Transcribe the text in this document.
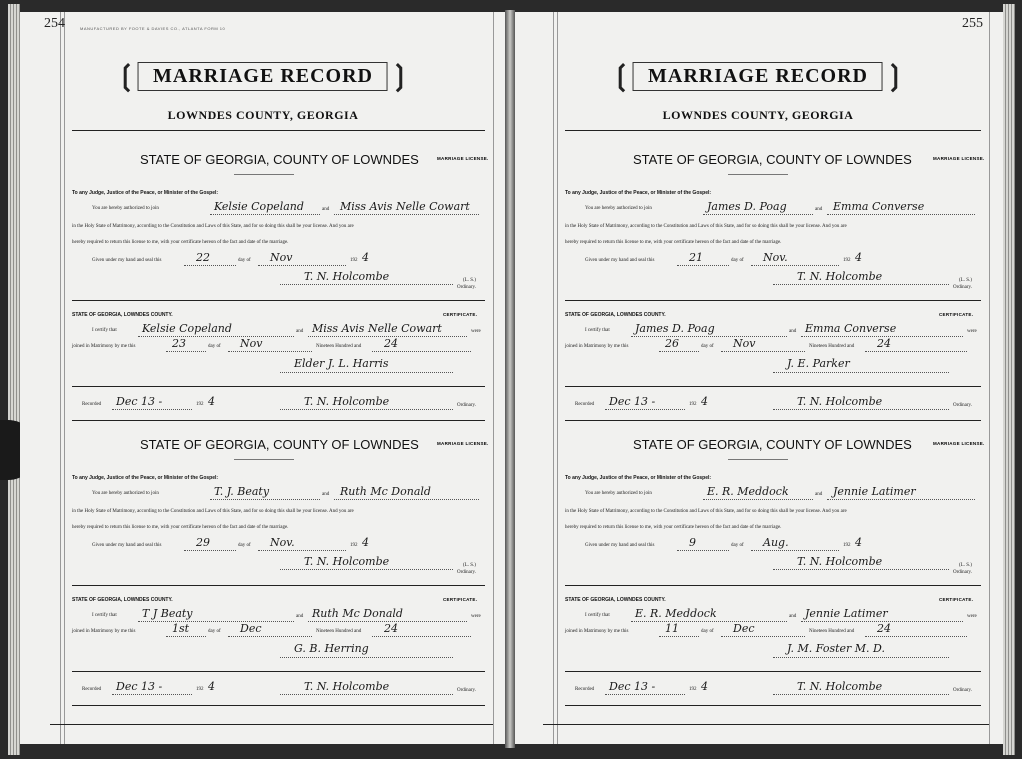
254	MANUFACTURED BY FOOTE & DAVIES CO., ATLANTA FORM 10
❲ MARRIAGE RECORD ❳
LOWNDES COUNTY, GEORGIA
STATE OF GEORGIA, COUNTY OF LOWNDES	MARRIAGE LICENSE.
To any Judge, Justice of the Peace, or Minister of the Gospel:
You are hereby authorized to join	Kelsie Copeland	and Miss Avis Nelle Cowart
in the Holy State of Matrimony, according to the Constitution and Laws of this State, and for so doing this shall be your license. And you are
hereby required to return this license to me, with your certificate hereon of the fact and date of the marriage.
Given under my hand and seal this	22	day of Nov	192 4
T. N. Holcombe	(L. S.)
Ordinary.
STATE OF GEORGIA, LOWNDES COUNTY.	CERTIFICATE.
I certify that Kelsie Copeland	and Miss Avis Nelle Cowart	were
joined in Matrimony by me this	23	day of Nov	Nineteen Hundred and 24
Elder J. L. Harris
Recorded Dec 13 -	192 4	T. N. Holcombe	Ordinary.
STATE OF GEORGIA, COUNTY OF LOWNDES	MARRIAGE LICENSE.
To any Judge, Justice of the Peace, or Minister of the Gospel:
You are hereby authorized to join	T. J. Beaty	and Ruth Mc Donald
in the Holy State of Matrimony, according to the Constitution and Laws of this State, and for so doing this shall be your license. And you are
hereby required to return this license to me, with your certificate hereon of the fact and date of the marriage.
Given under my hand and seal this	29	day of Nov.	192 4
T. N. Holcombe	(L. S.)
Ordinary.
STATE OF GEORGIA, LOWNDES COUNTY.	CERTIFICATE.
I certify that T J Beaty	and Ruth Mc Donald	were
joined in Matrimony by me this	1st	day of Dec	Nineteen Hundred and 24
G. B. Herring
Recorded Dec 13 -	192 4	T. N. Holcombe	Ordinary.
255
❲ MARRIAGE RECORD ❳
LOWNDES COUNTY, GEORGIA
STATE OF GEORGIA, COUNTY OF LOWNDES	MARRIAGE LICENSE.
To any Judge, Justice of the Peace, or Minister of the Gospel:
You are hereby authorized to join	James D. Poag	and Emma Converse
in the Holy State of Matrimony, according to the Constitution and Laws of this State, and for so doing this shall be your license. And you are
hereby required to return this license to me, with your certificate hereon of the fact and date of the marriage.
Given under my hand and seal this	21	day of Nov.	192 4
T. N. Holcombe	(L. S.)
Ordinary.
STATE OF GEORGIA, LOWNDES COUNTY.	CERTIFICATE.
I certify that James D. Poag	and Emma Converse	were
joined in Matrimony by me this	26	day of Nov	Nineteen Hundred and 24
J. E. Parker
Recorded Dec 13 -	192 4	T. N. Holcombe	Ordinary.
STATE OF GEORGIA, COUNTY OF LOWNDES	MARRIAGE LICENSE.
To any Judge, Justice of the Peace, or Minister of the Gospel:
You are hereby authorized to join	E. R. Meddock	and Jennie Latimer
in the Holy State of Matrimony, according to the Constitution and Laws of this State, and for so doing this shall be your license. And you are
hereby required to return this license to me, with your certificate hereon of the fact and date of the marriage.
Given under my hand and seal this	9	day of Aug.	192 4
T. N. Holcombe	(L. S.)
Ordinary.
STATE OF GEORGIA, LOWNDES COUNTY.	CERTIFICATE.
I certify that E. R. Meddock	and Jennie Latimer	were
joined in Matrimony by me this	11	day of Dec	Nineteen Hundred and 24
J. M. Foster M. D.
Recorded Dec 13 -	192 4	T. N. Holcombe	Ordinary.
